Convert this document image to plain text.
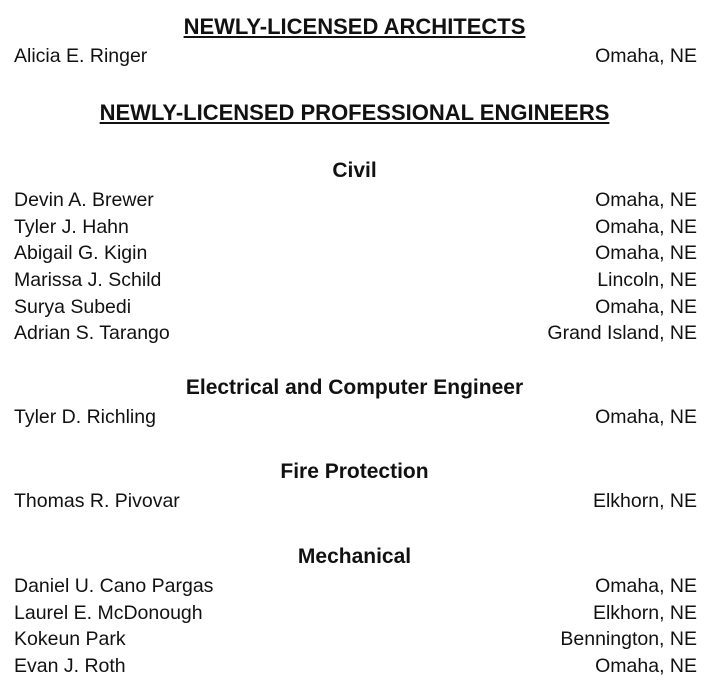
NEWLY-LICENSED ARCHITECTS
Alicia E. Ringer	Omaha, NE
NEWLY-LICENSED PROFESSIONAL ENGINEERS
Civil
Devin A. Brewer	Omaha, NE
Tyler J. Hahn	Omaha, NE
Abigail G. Kigin	Omaha, NE
Marissa J. Schild	Lincoln, NE
Surya Subedi	Omaha, NE
Adrian S. Tarango	Grand Island, NE
Electrical and Computer Engineer
Tyler D. Richling	Omaha, NE
Fire Protection
Thomas R. Pivovar	Elkhorn, NE
Mechanical
Daniel U. Cano Pargas	Omaha, NE
Laurel E. McDonough	Elkhorn, NE
Kokeun Park	Bennington, NE
Evan J. Roth	Omaha, NE
